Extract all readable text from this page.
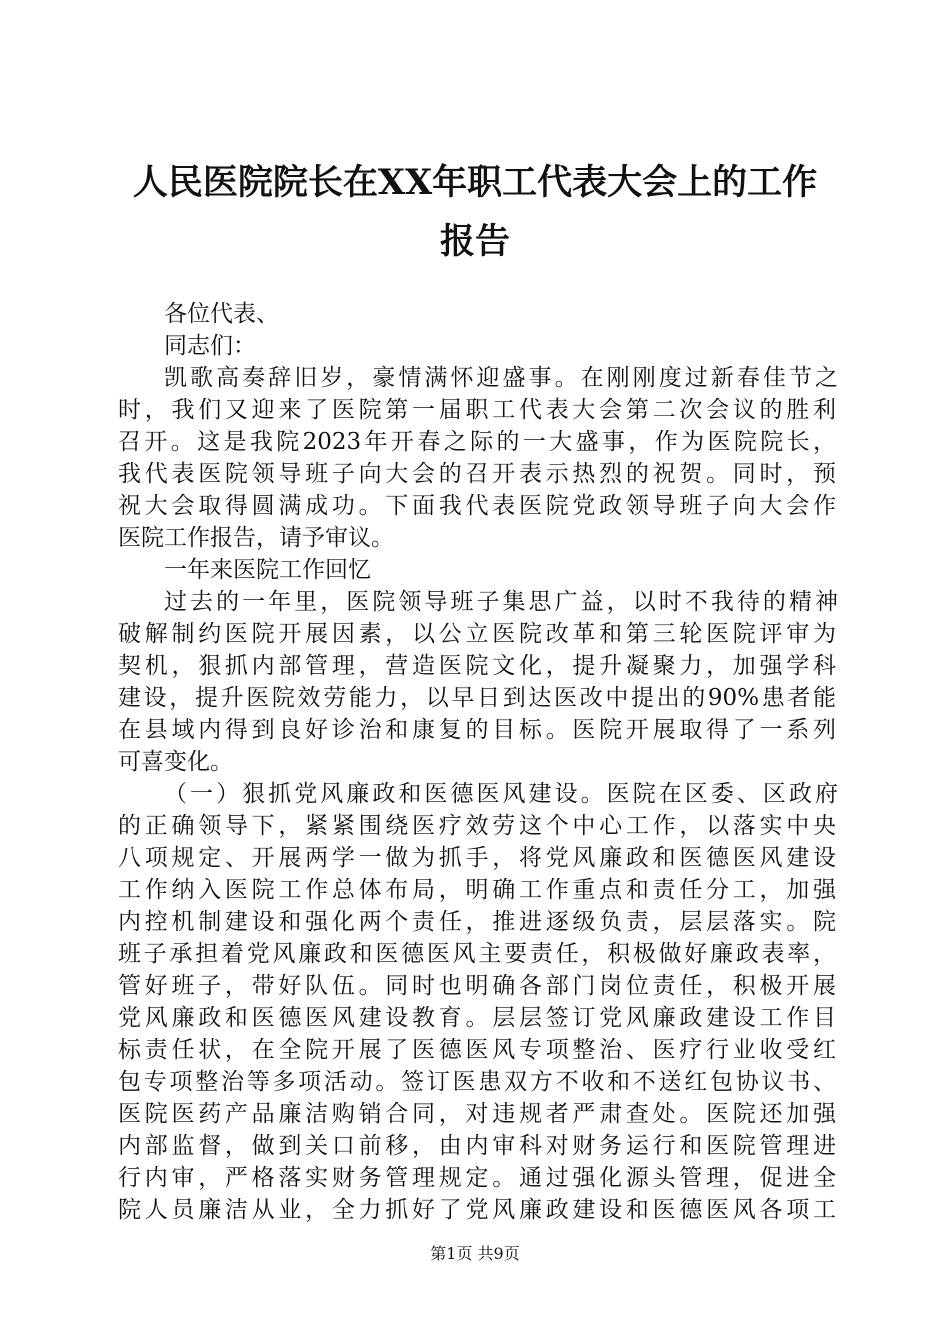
人民医院院长在XX年职工代表大会上的工作
报告
各位代表、
同志们：
凯歌高奏辞旧岁，豪情满怀迎盛事。在刚刚度过新春佳节之
时，我们又迎来了医院第一届职工代表大会第二次会议的胜利
召开。这是我院2023年开春之际的一大盛事，作为医院院长，
我代表医院领导班子向大会的召开表示热烈的祝贺。同时，预
祝大会取得圆满成功。下面我代表医院党政领导班子向大会作
医院工作报告，请予审议。
一年来医院工作回忆
过去的一年里，医院领导班子集思广益，以时不我待的精神
破解制约医院开展因素，以公立医院改革和第三轮医院评审为
契机，狠抓内部管理，营造医院文化，提升凝聚力，加强学科
建设，提升医院效劳能力，以早日到达医改中提出的90%患者能
在县域内得到良好诊治和康复的目标。医院开展取得了一系列
可喜变化。
（一）狠抓党风廉政和医德医风建设。医院在区委、区政府
的正确领导下，紧紧围绕医疗效劳这个中心工作，以落实中央
八项规定、开展两学一做为抓手，将党风廉政和医德医风建设
工作纳入医院工作总体布局，明确工作重点和责任分工，加强
内控机制建设和强化两个责任，推进逐级负责，层层落实。院
班子承担着党风廉政和医德医风主要责任，积极做好廉政表率，
管好班子，带好队伍。同时也明确各部门岗位责任，积极开展
党风廉政和医德医风建设教育。层层签订党风廉政建设工作目
标责任状，在全院开展了医德医风专项整治、医疗行业收受红
包专项整治等多项活动。签订医患双方不收和不送红包协议书、
医院医药产品廉洁购销合同，对违规者严肃查处。医院还加强
内部监督，做到关口前移，由内审科对财务运行和医院管理进
行内审，严格落实财务管理规定。通过强化源头管理，促进全
院人员廉洁从业，全力抓好了党风廉政建设和医德医风各项工
第1页 共9页
